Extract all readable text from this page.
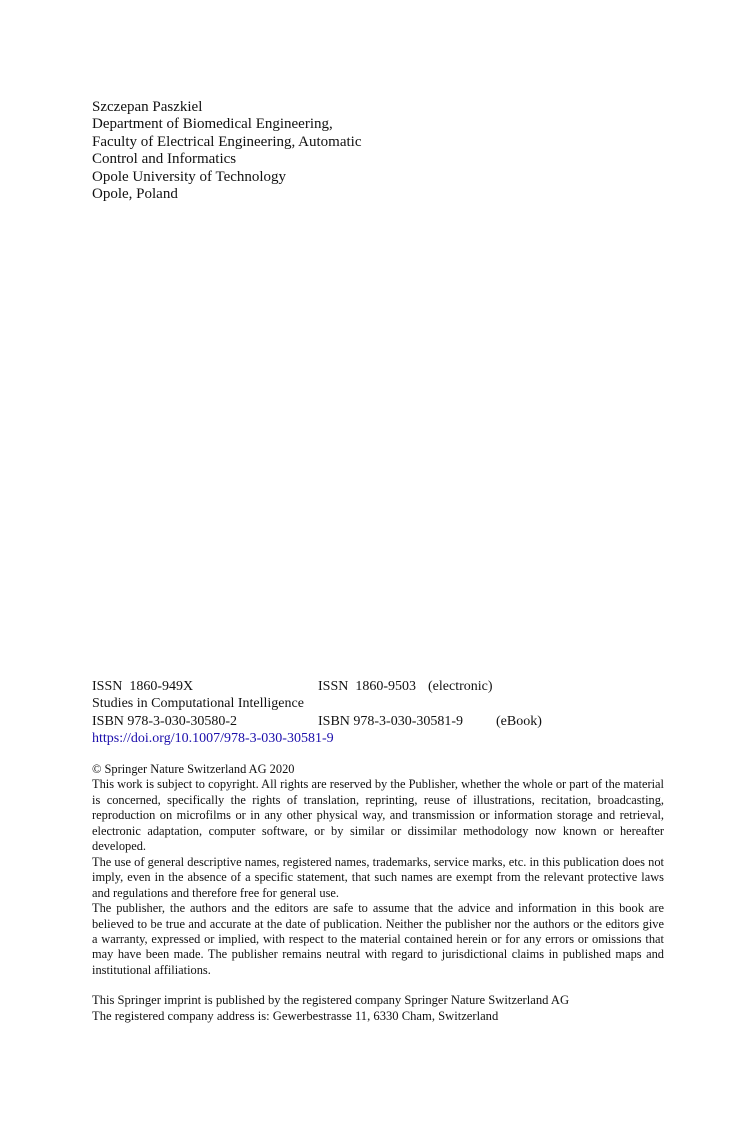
Szczepan Paszkiel
Department of Biomedical Engineering,
Faculty of Electrical Engineering, Automatic
Control and Informatics
Opole University of Technology
Opole, Poland
ISSN 1860-949X	ISSN 1860-9503 (electronic)
Studies in Computational Intelligence
ISBN 978-3-030-30580-2	ISBN 978-3-030-30581-9 (eBook)
https://doi.org/10.1007/978-3-030-30581-9
© Springer Nature Switzerland AG 2020

This work is subject to copyright. All rights are reserved by the Publisher, whether the whole or part of the material is concerned, specifically the rights of translation, reprinting, reuse of illustrations, recitation, broadcasting, reproduction on microfilms or in any other physical way, and transmission or information storage and retrieval, electronic adaptation, computer software, or by similar or dissimilar methodology now known or hereafter developed.

The use of general descriptive names, registered names, trademarks, service marks, etc. in this publication does not imply, even in the absence of a specific statement, that such names are exempt from the relevant protective laws and regulations and therefore free for general use.

The publisher, the authors and the editors are safe to assume that the advice and information in this book are believed to be true and accurate at the date of publication. Neither the publisher nor the authors or the editors give a warranty, expressed or implied, with respect to the material contained herein or for any errors or omissions that may have been made. The publisher remains neutral with regard to jurisdictional claims in published maps and institutional affiliations.

This Springer imprint is published by the registered company Springer Nature Switzerland AG
The registered company address is: Gewerbestrasse 11, 6330 Cham, Switzerland
